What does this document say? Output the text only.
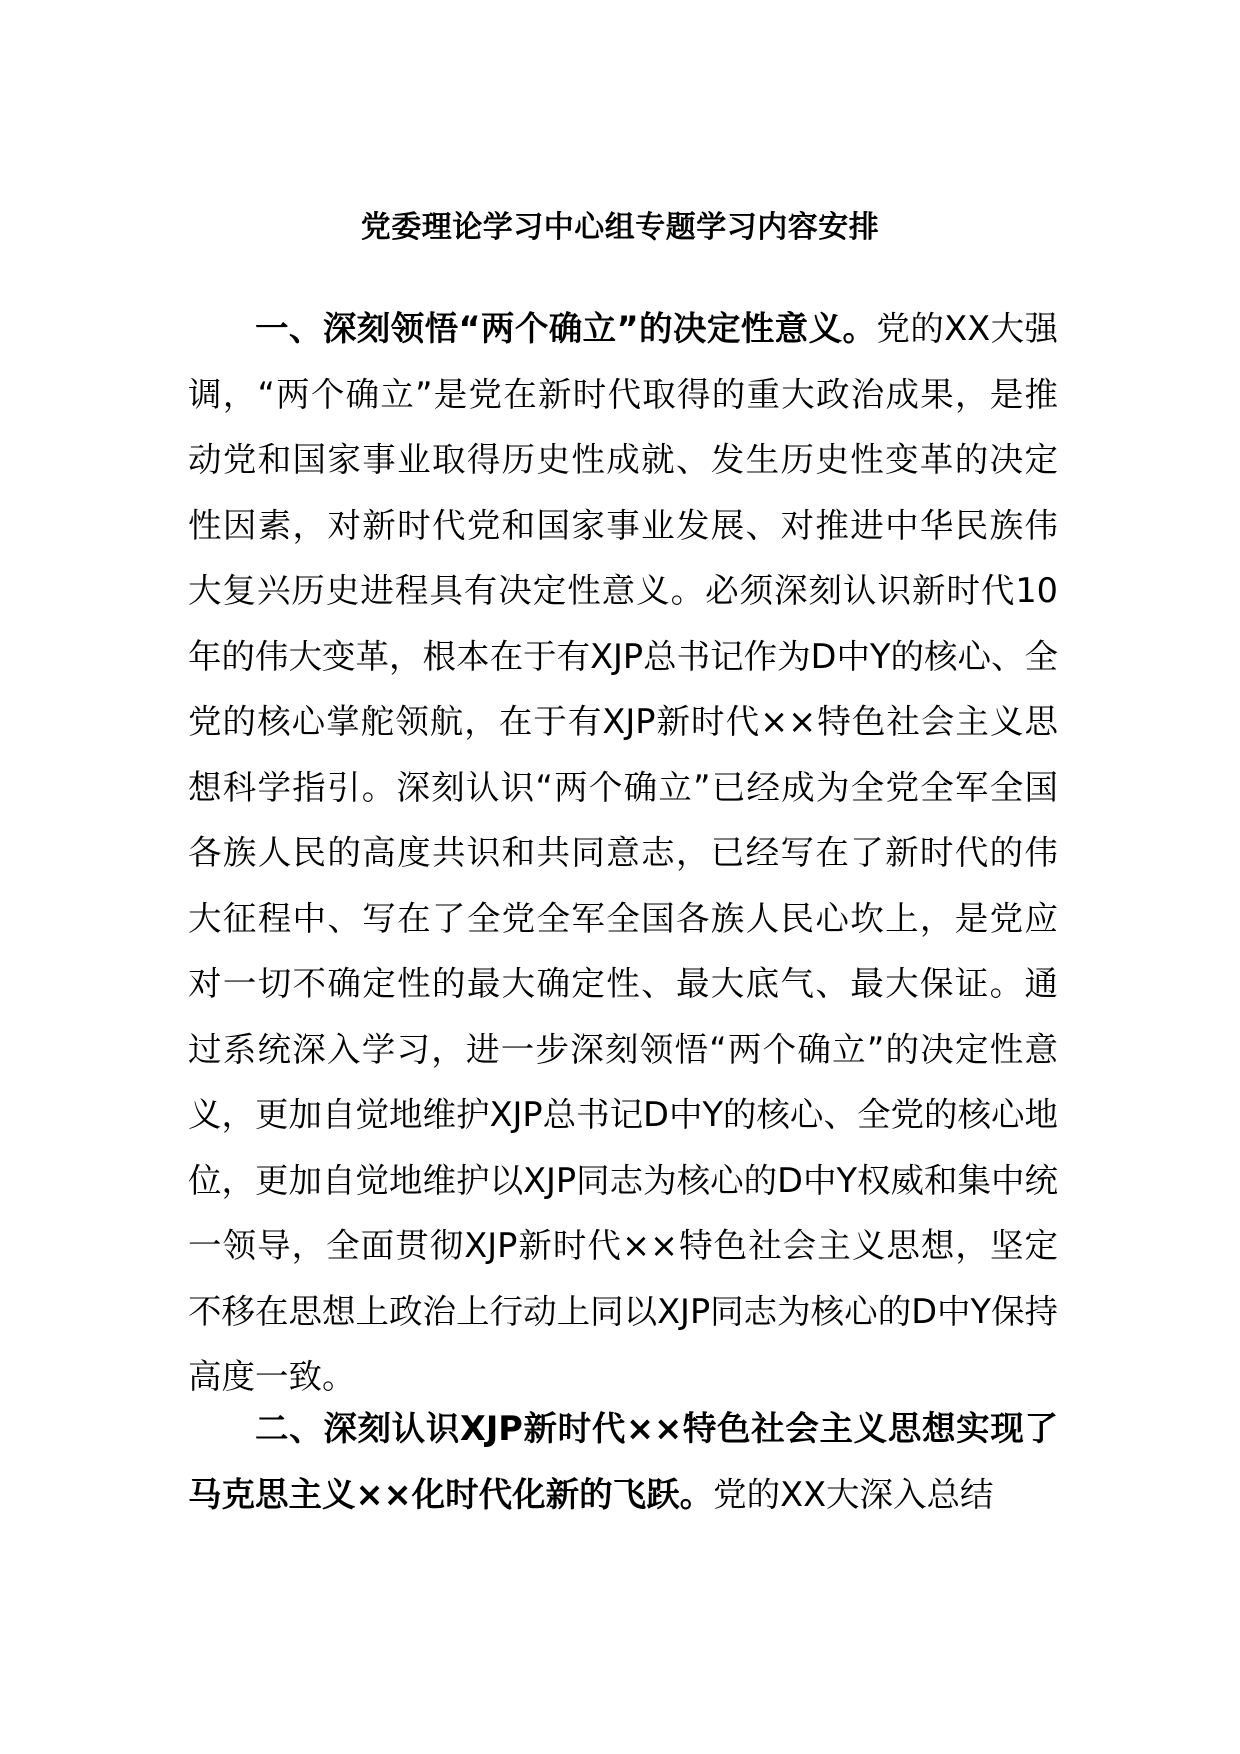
党委理论学习中心组专题学习内容安排

一、深刻领悟“两个确立”的决定性意义。党的XX大强调，“两个确立”是党在新时代取得的重大政治成果，是推动党和国家事业取得历史性成就、发生历史性变革的决定性因素，对新时代党和国家事业发展、对推进中华民族伟大复兴历史进程具有决定性意义。必须深刻认识新时代10年的伟大变革，根本在于有XJP总书记作为D中Y的核心、全党的核心掌舵领航，在于有XJP新时代××特色社会主义思想科学指引。深刻认识“两个确立”已经成为全党全军全国各族人民的高度共识和共同意志，已经写在了新时代的伟大征程中、写在了全党全军全国各族人民心坎上，是党应对一切不确定性的最大确定性、最大底气、最大保证。通过系统深入学习，进一步深刻领悟“两个确立”的决定性意义，更加自觉地维护XJP总书记D中Y的核心、全党的核心地位，更加自觉地维护以XJP同志为核心的D中Y权威和集中统一领导，全面贯彻XJP新时代××特色社会主义思想，坚定不移在思想上政治上行动上同以XJP同志为核心的D中Y保持高度一致。

二、深刻认识XJP新时代××特色社会主义思想实现了马克思主义××化时代化新的飞跃。党的XX大深入总结
